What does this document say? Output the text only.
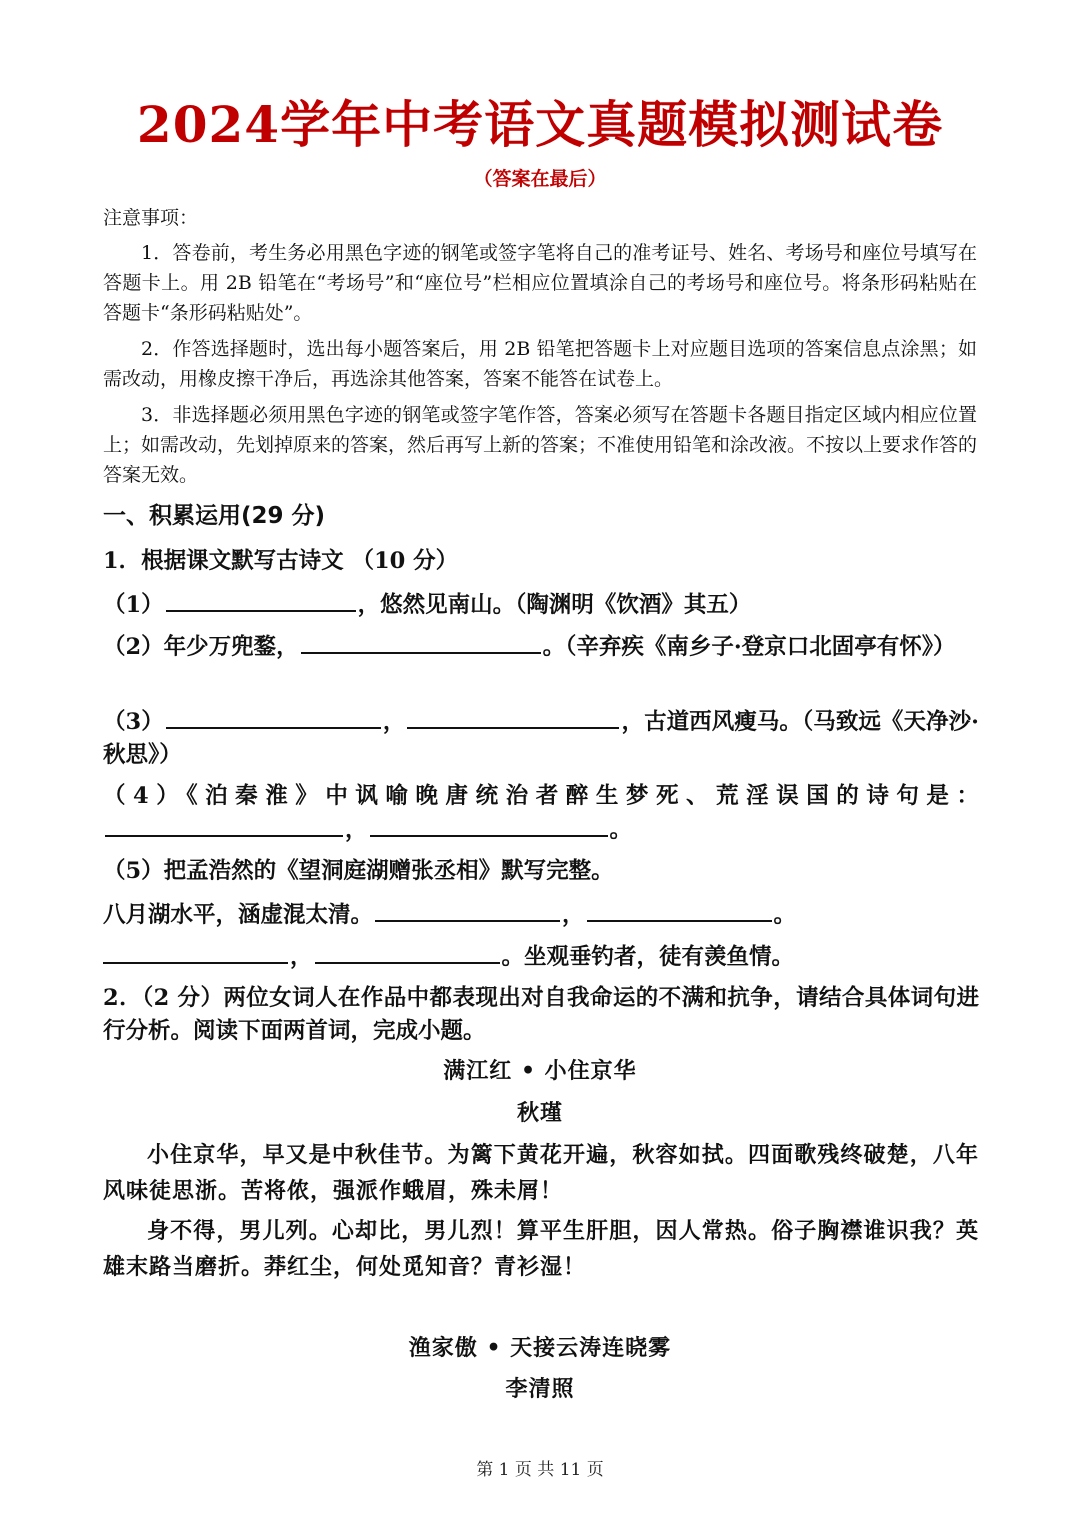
2024学年中考语文真题模拟测试卷
（答案在最后）
注意事项：
1．答卷前，考生务必用黑色字迹的钢笔或签字笔将自己的准考证号、姓名、考场号和座位号填写在答题卡上。用 2B 铅笔在“考场号”和“座位号”栏相应位置填涂自己的考场号和座位号。将条形码粘贴在答题卡“条形码粘贴处”。
2．作答选择题时，选出每小题答案后，用 2B 铅笔把答题卡上对应题目选项的答案信息点涂黑；如需改动，用橡皮擦干净后，再选涂其他答案，答案不能答在试卷上。
3．非选择题必须用黑色字迹的钢笔或签字笔作答，答案必须写在答题卡各题目指定区域内相应位置上；如需改动，先划掉原来的答案，然后再写上新的答案；不准使用铅笔和涂改液。不按以上要求作答的答案无效。
一、积累运用(29 分)
1．根据课文默写古诗文 （10 分）
（1）	，悠然见南山。（陶渊明《饮酒》其五）
（2）年少万兜鍪，	。（辛弃疾《南乡子·登京口北固亭有怀》）
（3）	，	，古道西风瘦马。（马致远《天净沙·秋思》）
（4）《泊秦淮》中讽喻晚唐统治者醉生梦死、荒淫误国的诗句是：，	。
（5）把孟浩然的《望洞庭湖赠张丞相》默写完整。
八月湖水平，涵虚混太清。	，	。
，	。坐观垂钓者，徒有羡鱼情。
2．（2 分）两位女词人在作品中都表现出对自我命运的不满和抗争，请结合具体词句进行分析。阅读下面两首词，完成小题。
满江红 • 小住京华
秋瑾
小住京华，早又是中秋佳节。为篱下黄花开遍，秋容如拭。四面歌残终破楚，八年风味徒思浙。苦将侬，强派作蛾眉，殊未屑！
身不得，男儿列。心却比，男儿烈！算平生肝胆，因人常热。俗子胸襟谁识我？英雄末路当磨折。莽红尘，何处觅知音？青衫湿！
渔家傲 • 天接云涛连晓雾
李清照
第 1 页 共 11 页
